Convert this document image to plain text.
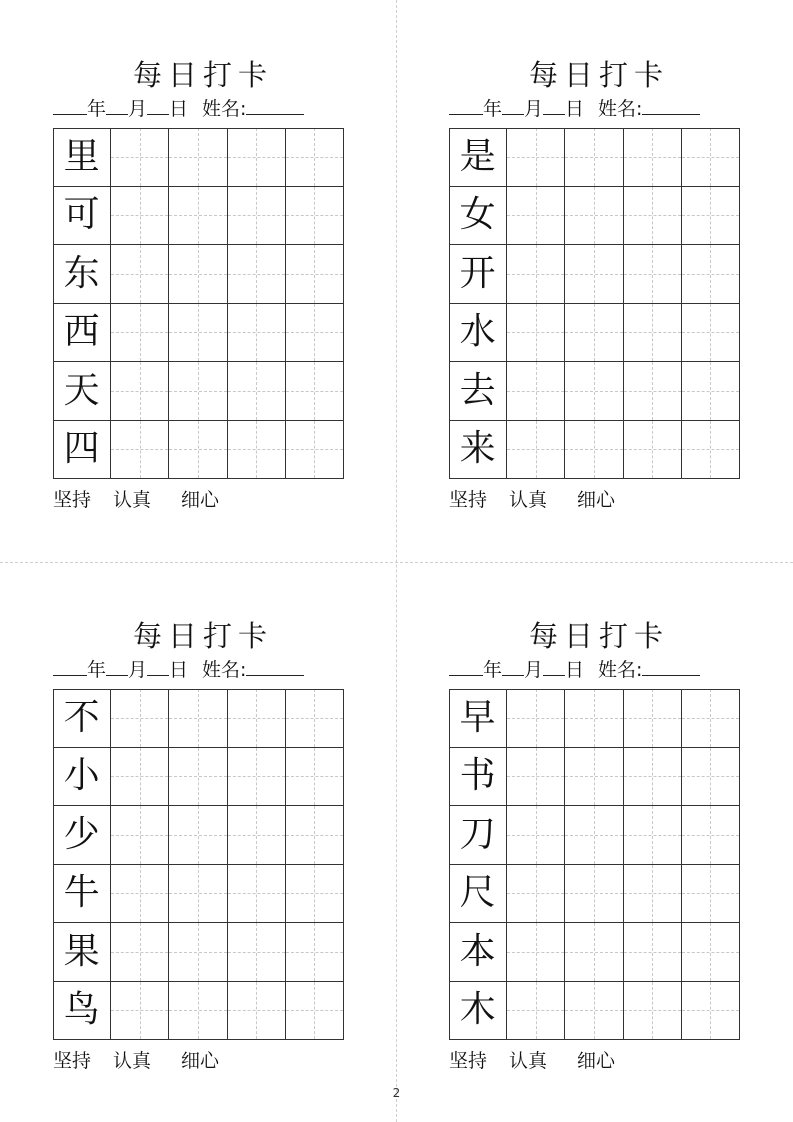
每日打卡
年 月 日 姓名:
里
可
东
西
天
四
坚持 认真 细心
每日打卡
年 月 日 姓名:
是
女
开
水
去
来
坚持 认真 细心
每日打卡
年 月 日 姓名:
不
小
少
牛
果
鸟
坚持 认真 细心
每日打卡
年 月 日 姓名:
早
书
刀
尺
本
木
坚持 认真 细心
2
